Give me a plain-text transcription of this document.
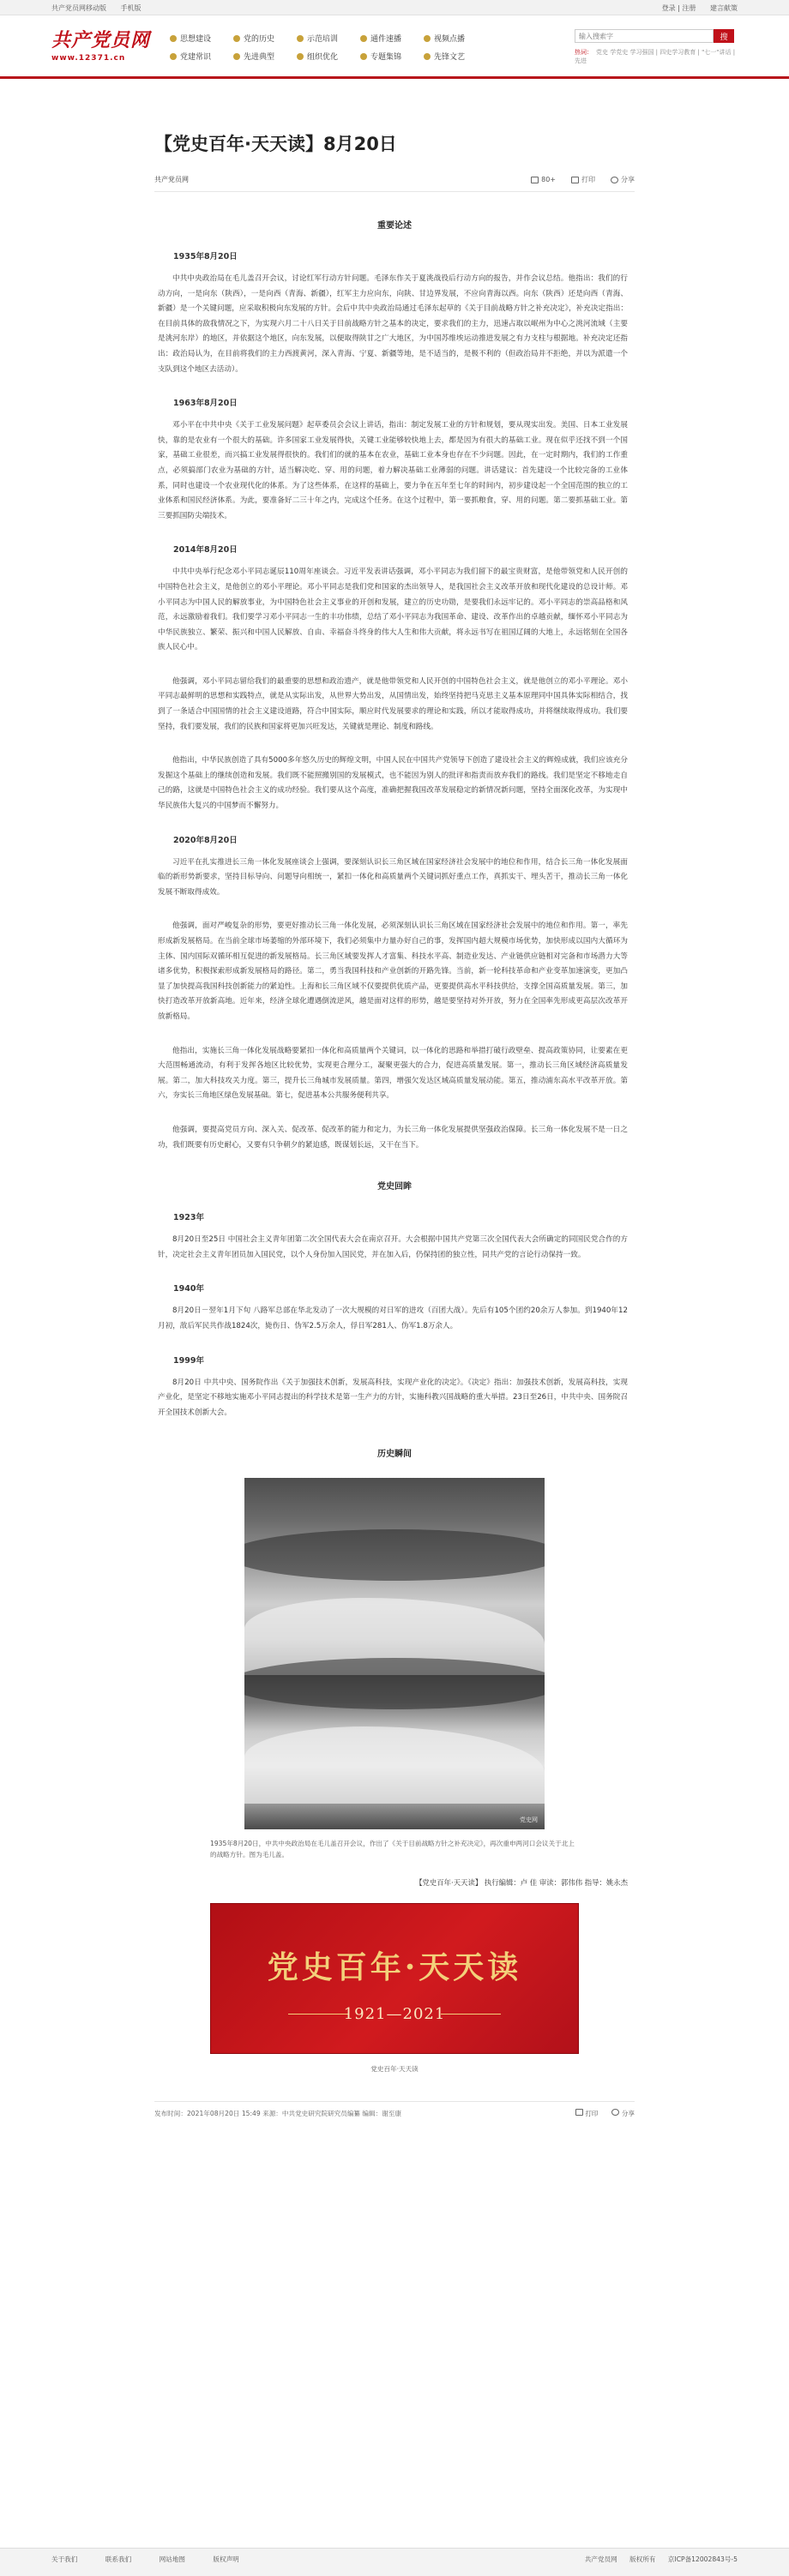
共产党员网移动版 手机版	登录 | 注册 建言献策
共产党员网
www.12371.cn
思想建设	党的历史	示范培训	通件速播	视频点播
党建常识	先进典型	组织优化	专题集锦	先锋文艺
输入搜索字
搜
热词： 党史 学党史 学习强国 | 四史学习教育 | "七一"讲话 | 先进
【党史百年·天天读】8月20日
共产党员网	80+	打印	分享
重要论述
1935年8月20日

中共中央政治局在毛儿盖召开会议，讨论红军行动方针问题。毛泽东作关于夏洮战役后行动方向的报告，并作会议总结。他指出：我们的行动方向，一是向东（陕西），一是向西（青海、新疆），红军主力应向东，向陕、甘边界发展，不应向青海以西。向东（陕西）还是向西（青海、新疆）是一个关键问题，应采取积极向东发展的方针。会后中共中央政治局通过毛泽东起草的《关于目前战略方针之补充决定》，补充决定指出：在目前具体的敌我情况之下，为实现六月二十八日关于目前战略方针之基本的决定，要求我们的主力，迅速占取以岷州为中心之洮河流域（主要是洮河东岸）的地区，并依据这个地区，向东发展，以便取得陕甘之广大地区，为中国苏维埃运动推进发展之有力支柱与根据地。补充决定还指出：政治局认为，在目前将我们的主力西渡黄河，深入青海、宁夏、新疆等地，是不适当的，是极不利的（但政治局并不拒绝，并以为派遣一个支队到这个地区去活动）。

1963年8月20日

邓小平在中共中央《关于工业发展问题》起草委员会会议上讲话，指出：制定发展工业的方针和规划，要从现实出发。美国、日本工业发展快，靠的是农业有一个很大的基础。许多国家工业发展得快，关键工业能够较快地上去，都是因为有很大的基础工业。现在似乎还找不到一个国家，基础工业很差，而兴搞工业发展得很快的。我们们的就的基本在农业，基础工业本身也存在不少问题。因此，在一定时期内，我们的工作重点，必须搞部门农业为基础的方针，适当解决吃、穿、用的问题，着力解决基础工业薄弱的问题。讲话建议：首先建设一个比较完备的工业体系，同时也建设一个农业现代化的体系。为了这些体系，在这样的基础上，要力争在五年至七年的时间内，初步建设起一个全国范围的独立的工业体系和国民经济体系。为此，要准备好二三十年之内，完成这个任务。在这个过程中，第一要抓粮食，穿、用的问题。第二要抓基础工业。第三要抓国防尖端技术。

2014年8月20日

中共中央举行纪念邓小平同志诞辰110周年座谈会。习近平发表讲话强调，邓小平同志为我们留下的最宝贵财富，是他带领党和人民开创的中国特色社会主义，是他创立的邓小平理论。邓小平同志是我们党和国家的杰出领导人，是我国社会主义改革开放和现代化建设的总设计师。邓小平同志为中国人民的解放事业，为中国特色社会主义事业的开创和发展，建立的历史功勋，是要我们永远牢记的。邓小平同志的崇高品格和风范，永远激励着我们。我们要学习邓小平同志一生的丰功伟绩，总结了邓小平同志为我国革命、建设、改革作出的卓越贡献，缅怀邓小平同志为中华民族独立、繁荣、振兴和中国人民解放、自由、幸福奋斗终身的伟大人生和伟大贡献，将永远书写在祖国辽阔的大地上，永远铭刻在全国各族人民心中。

他强调，邓小平同志留给我们的最重要的思想和政治遗产，就是他带领党和人民开创的中国特色社会主义，就是他创立的邓小平理论。邓小平同志最鲜明的思想和实践特点，就是从实际出发，从世界大势出发，从国情出发，始终坚持把马克思主义基本原理同中国具体实际相结合，找到了一条适合中国国情的社会主义建设道路，符合中国实际，顺应时代发展要求的理论和实践，所以才能取得成功，并将继续取得成功。我们要坚持，我们要发展，我们的民族和国家将更加兴旺发达，关键就是理论、制度和路线。

他指出，中华民族创造了具有5000多年悠久历史的辉煌文明，中国人民在中国共产党领导下创造了建设社会主义的辉煌成就，我们应该充分发掘这个基础上的继续创造和发展。我们既不能照搬别国的发展模式，也不能因为别人的批评和指责而放弃我们的路线。我们是坚定不移地走自己的路，这就是中国特色社会主义的成功经验。我们要从这个高度，准确把握我国改革发展稳定的新情况新问题，坚持全面深化改革，为实现中华民族伟大复兴的中国梦而不懈努力。

2020年8月20日

习近平在扎实推进长三角一体化发展座谈会上强调，要深刻认识长三角区域在国家经济社会发展中的地位和作用，结合长三角一体化发展面临的新形势新要求，坚持目标导向、问题导向相统一，紧扣一体化和高质量两个关键词抓好重点工作，真抓实干、埋头苦干，推动长三角一体化发展不断取得成效。

他强调，面对严峻复杂的形势，要更好推动长三角一体化发展，必须深刻认识长三角区域在国家经济社会发展中的地位和作用。第一，率先形成新发展格局。在当前全球市场萎缩的外部环境下，我们必须集中力量办好自己的事，发挥国内超大规模市场优势，加快形成以国内大循环为主体、国内国际双循环相互促进的新发展格局。长三角区域要发挥人才富集、科技水平高、制造业发达、产业链供应链相对完备和市场潜力大等诸多优势，积极探索形成新发展格局的路径。第二，勇当我国科技和产业创新的开路先锋。当前，新一轮科技革命和产业变革加速演变，更加凸显了加快提高我国科技创新能力的紧迫性。上海和长三角区域不仅要提供优质产品，更要提供高水平科技供给，支撑全国高质量发展。第三，加快打造改革开放新高地。近年来，经济全球化遭遇倒流逆风，越是面对这样的形势，越是要坚持对外开放，努力在全国率先形成更高层次改革开放新格局。

他指出，实施长三角一体化发展战略要紧扣一体化和高质量两个关键词，以一体化的思路和举措打破行政壁垒、提高政策协同，让要素在更大范围畅通流动，有利于发挥各地区比较优势，实现更合理分工，凝聚更强大的合力，促进高质量发展。第一，推动长三角区域经济高质量发展。第二，加大科技攻关力度。第三，提升长三角城市发展质量。第四，增强欠发达区域高质量发展动能。第五，推动浦东高水平改革开放。第六，夯实长三角地区绿色发展基础。第七，促进基本公共服务便利共享。

他强调，要提高党员方向、深入关、促改革、促改革的能力和定力，为长三角一体化发展提供坚强政治保障。长三角一体化发展不是一日之功，我们既要有历史耐心，又要有只争朝夕的紧迫感，既谋划长远，又干在当下。

党史回眸
1923年

8月20日至25日 中国社会主义青年团第二次全国代表大会在南京召开。大会根据中国共产党第三次全国代表大会所确定的同国民党合作的方针，决定社会主义青年团员加入国民党，以个人身份加入国民党，并在加入后，仍保持团的独立性，同共产党的言论行动保持一致。

1940年

8月20日－翌年1月下旬 八路军总部在华北发动了一次大规模的对日军的进攻（百团大战）。先后有105个团约20余万人参加。到1940年12月初，敌后军民共作战1824次，毙伤日、伪军2.5万余人，俘日军281人、伪军1.8万余人。

1999年

8月20日 中共中央、国务院作出《关于加强技术创新，发展高科技，实现产业化的决定》。《决定》指出：加强技术创新，发展高科技，实现产业化，是坚定不移地实施邓小平同志提出的科学技术是第一生产力的方针，实施科教兴国战略的重大举措。23日至26日，中共中央、国务院召开全国技术创新大会。

历史瞬间
党史网

1935年8月20日，中共中央政治局在毛儿盖召开会议，作出了《关于目前战略方针之补充决定》，再次重申两河口会议关于北上的战略方针。图为毛儿盖。

【党史百年·天天读】 执行编辑：卢 佳 审读：郭伟伟 指导：姚永杰
党史百年·天天读
1921—2021
党史百年·天天读
发布时间：2021年08月20日 15:49 来源：中共党史研究院研究员编纂 编辑：谢至康	打印	分享
关于我们	联系我们	网站地图	版权声明	共产党员网 版权所有 京ICP备12002843号-5
